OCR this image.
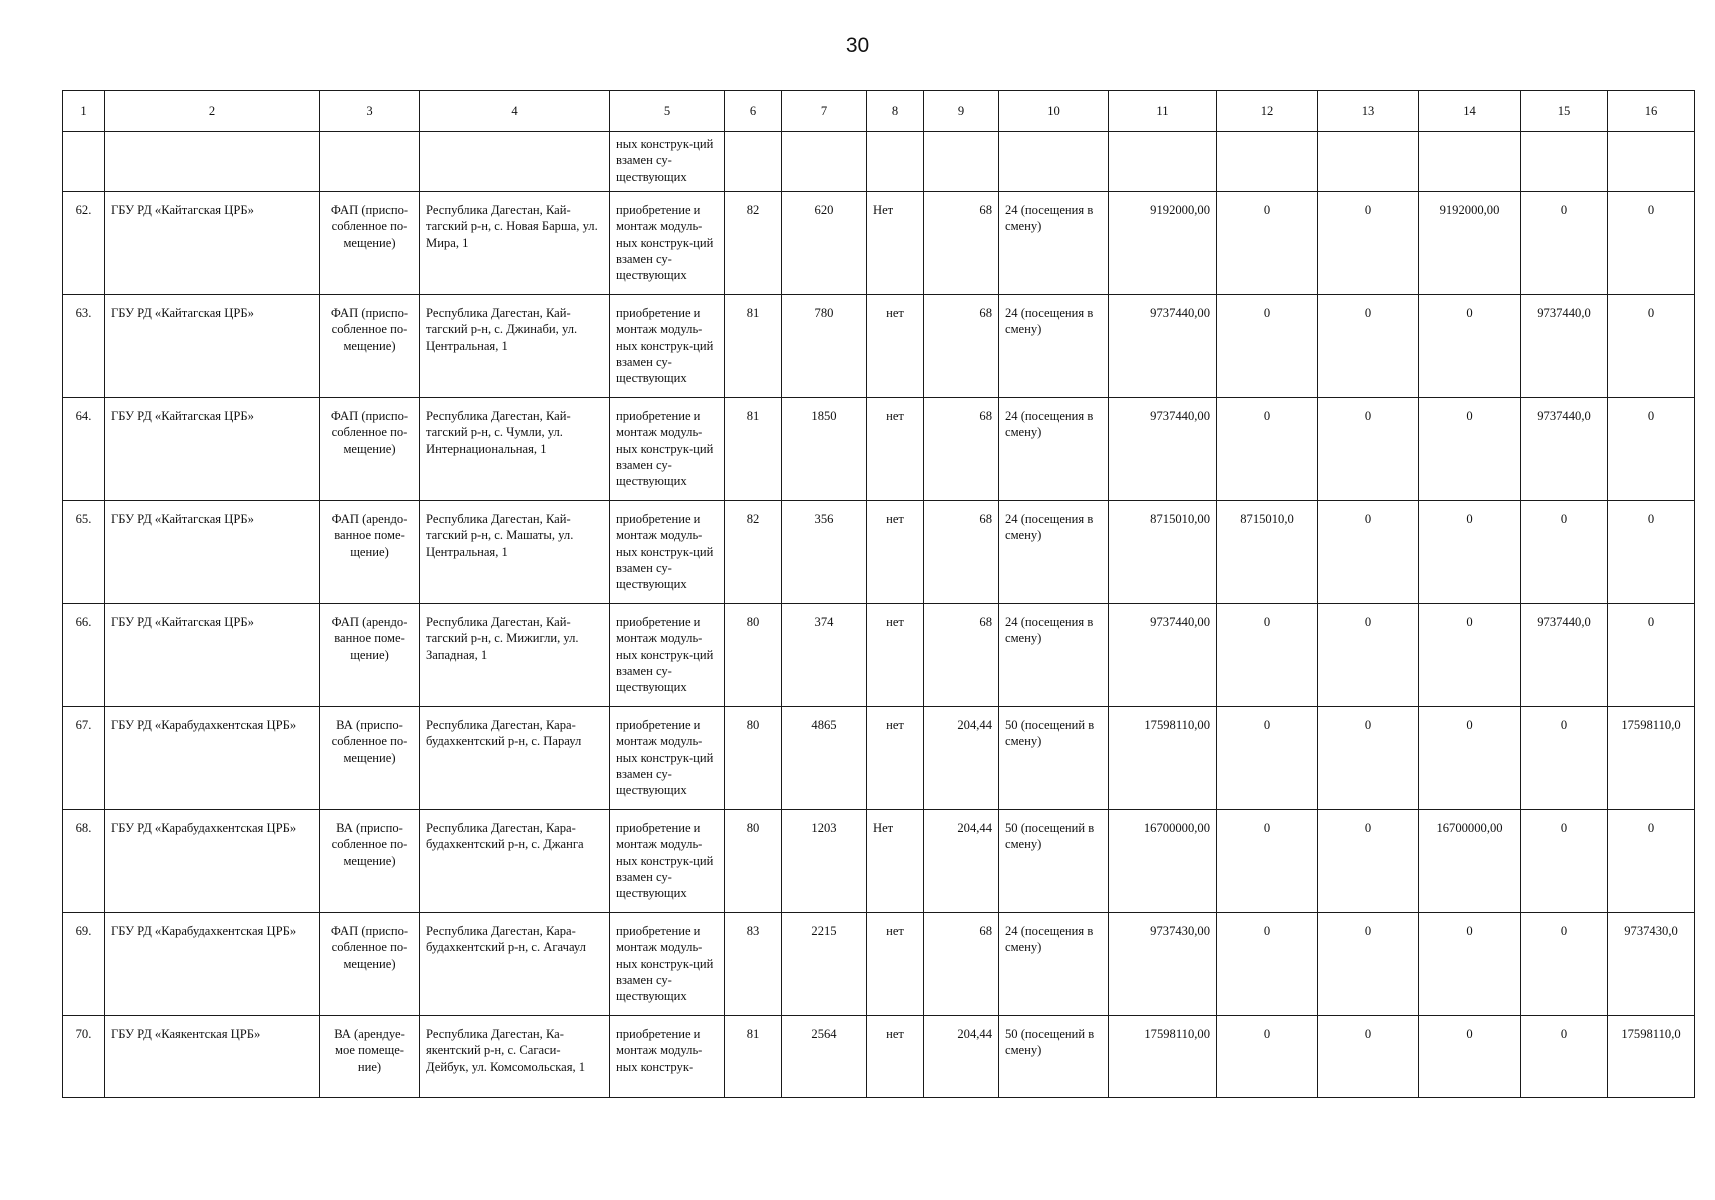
30
1	2	3	4	5	6	7	8	9	10	11	12	13	14	15	16
				ных конструк-ций взамен су-ществующих											
62.	ГБУ РД «Кайтагская ЦРБ»	ФАП (приспо-собленное по-мещение)	Республика Дагестан, Кай-тагский р-н, с. Новая Барша, ул. Мира, 1	приобретение и монтаж модуль-ных конструк-ций взамен су-ществующих	82	620	Нет	68	24 (посещения в смену)	9192000,00	0	0	9192000,00	0	0
63.	ГБУ РД «Кайтагская ЦРБ»	ФАП (приспо-собленное по-мещение)	Республика Дагестан, Кай-тагский р-н, с. Джинаби, ул. Центральная, 1	приобретение и монтаж модуль-ных конструк-ций взамен су-ществующих	81	780	нет	68	24 (посещения в смену)	9737440,00	0	0	0	9737440,0	0
64.	ГБУ РД «Кайтагская ЦРБ»	ФАП (приспо-собленное по-мещение)	Республика Дагестан, Кай-тагский р-н, с. Чумли, ул. Интернациональная, 1	приобретение и монтаж модуль-ных конструк-ций взамен су-ществующих	81	1850	нет	68	24 (посещения в смену)	9737440,00	0	0	0	9737440,0	0
65.	ГБУ РД «Кайтагская ЦРБ»	ФАП (арендо-ванное поме-щение)	Республика Дагестан, Кай-тагский р-н, с. Машаты, ул. Центральная, 1	приобретение и монтаж модуль-ных конструк-ций взамен су-ществующих	82	356	нет	68	24 (посещения в смену)	8715010,00	8715010,0	0	0	0	0
66.	ГБУ РД «Кайтагская ЦРБ»	ФАП (арендо-ванное поме-щение)	Республика Дагестан, Кай-тагский р-н, с. Мижигли, ул. Западная, 1	приобретение и монтаж модуль-ных конструк-ций взамен су-ществующих	80	374	нет	68	24 (посещения в смену)	9737440,00	0	0	0	9737440,0	0
67.	ГБУ РД «Карабудахкентская ЦРБ»	ВА (приспо-собленное по-мещение)	Республика Дагестан, Кара-будахкентский р-н, с. Параул	приобретение и монтаж модуль-ных конструк-ций взамен су-ществующих	80	4865	нет	204,44	50 (посещений в смену)	17598110,00	0	0	0	0	17598110,0
68.	ГБУ РД «Карабудахкентская ЦРБ»	ВА (приспо-собленное по-мещение)	Республика Дагестан, Кара-будахкентский р-н, с. Джанга	приобретение и монтаж модуль-ных конструк-ций взамен су-ществующих	80	1203	Нет	204,44	50 (посещений в смену)	16700000,00	0	0	16700000,00	0	0
69.	ГБУ РД «Карабудахкентская ЦРБ»	ФАП (приспо-собленное по-мещение)	Республика Дагестан, Кара-будахкентский р-н, с. Агачаул	приобретение и монтаж модуль-ных конструк-ций взамен су-ществующих	83	2215	нет	68	24 (посещения в смену)	9737430,00	0	0	0	0	9737430,0
70.	ГБУ РД «Каякентская ЦРБ»	ВА (арендуе-мое помеще-ние)	Республика Дагестан, Ка-якентский р-н, с. Сагаси-Дейбук, ул. Комсомольская, 1	приобретение и монтаж модуль-ных конструк-	81	2564	нет	204,44	50 (посещений в смену)	17598110,00	0	0	0	0	17598110,0
